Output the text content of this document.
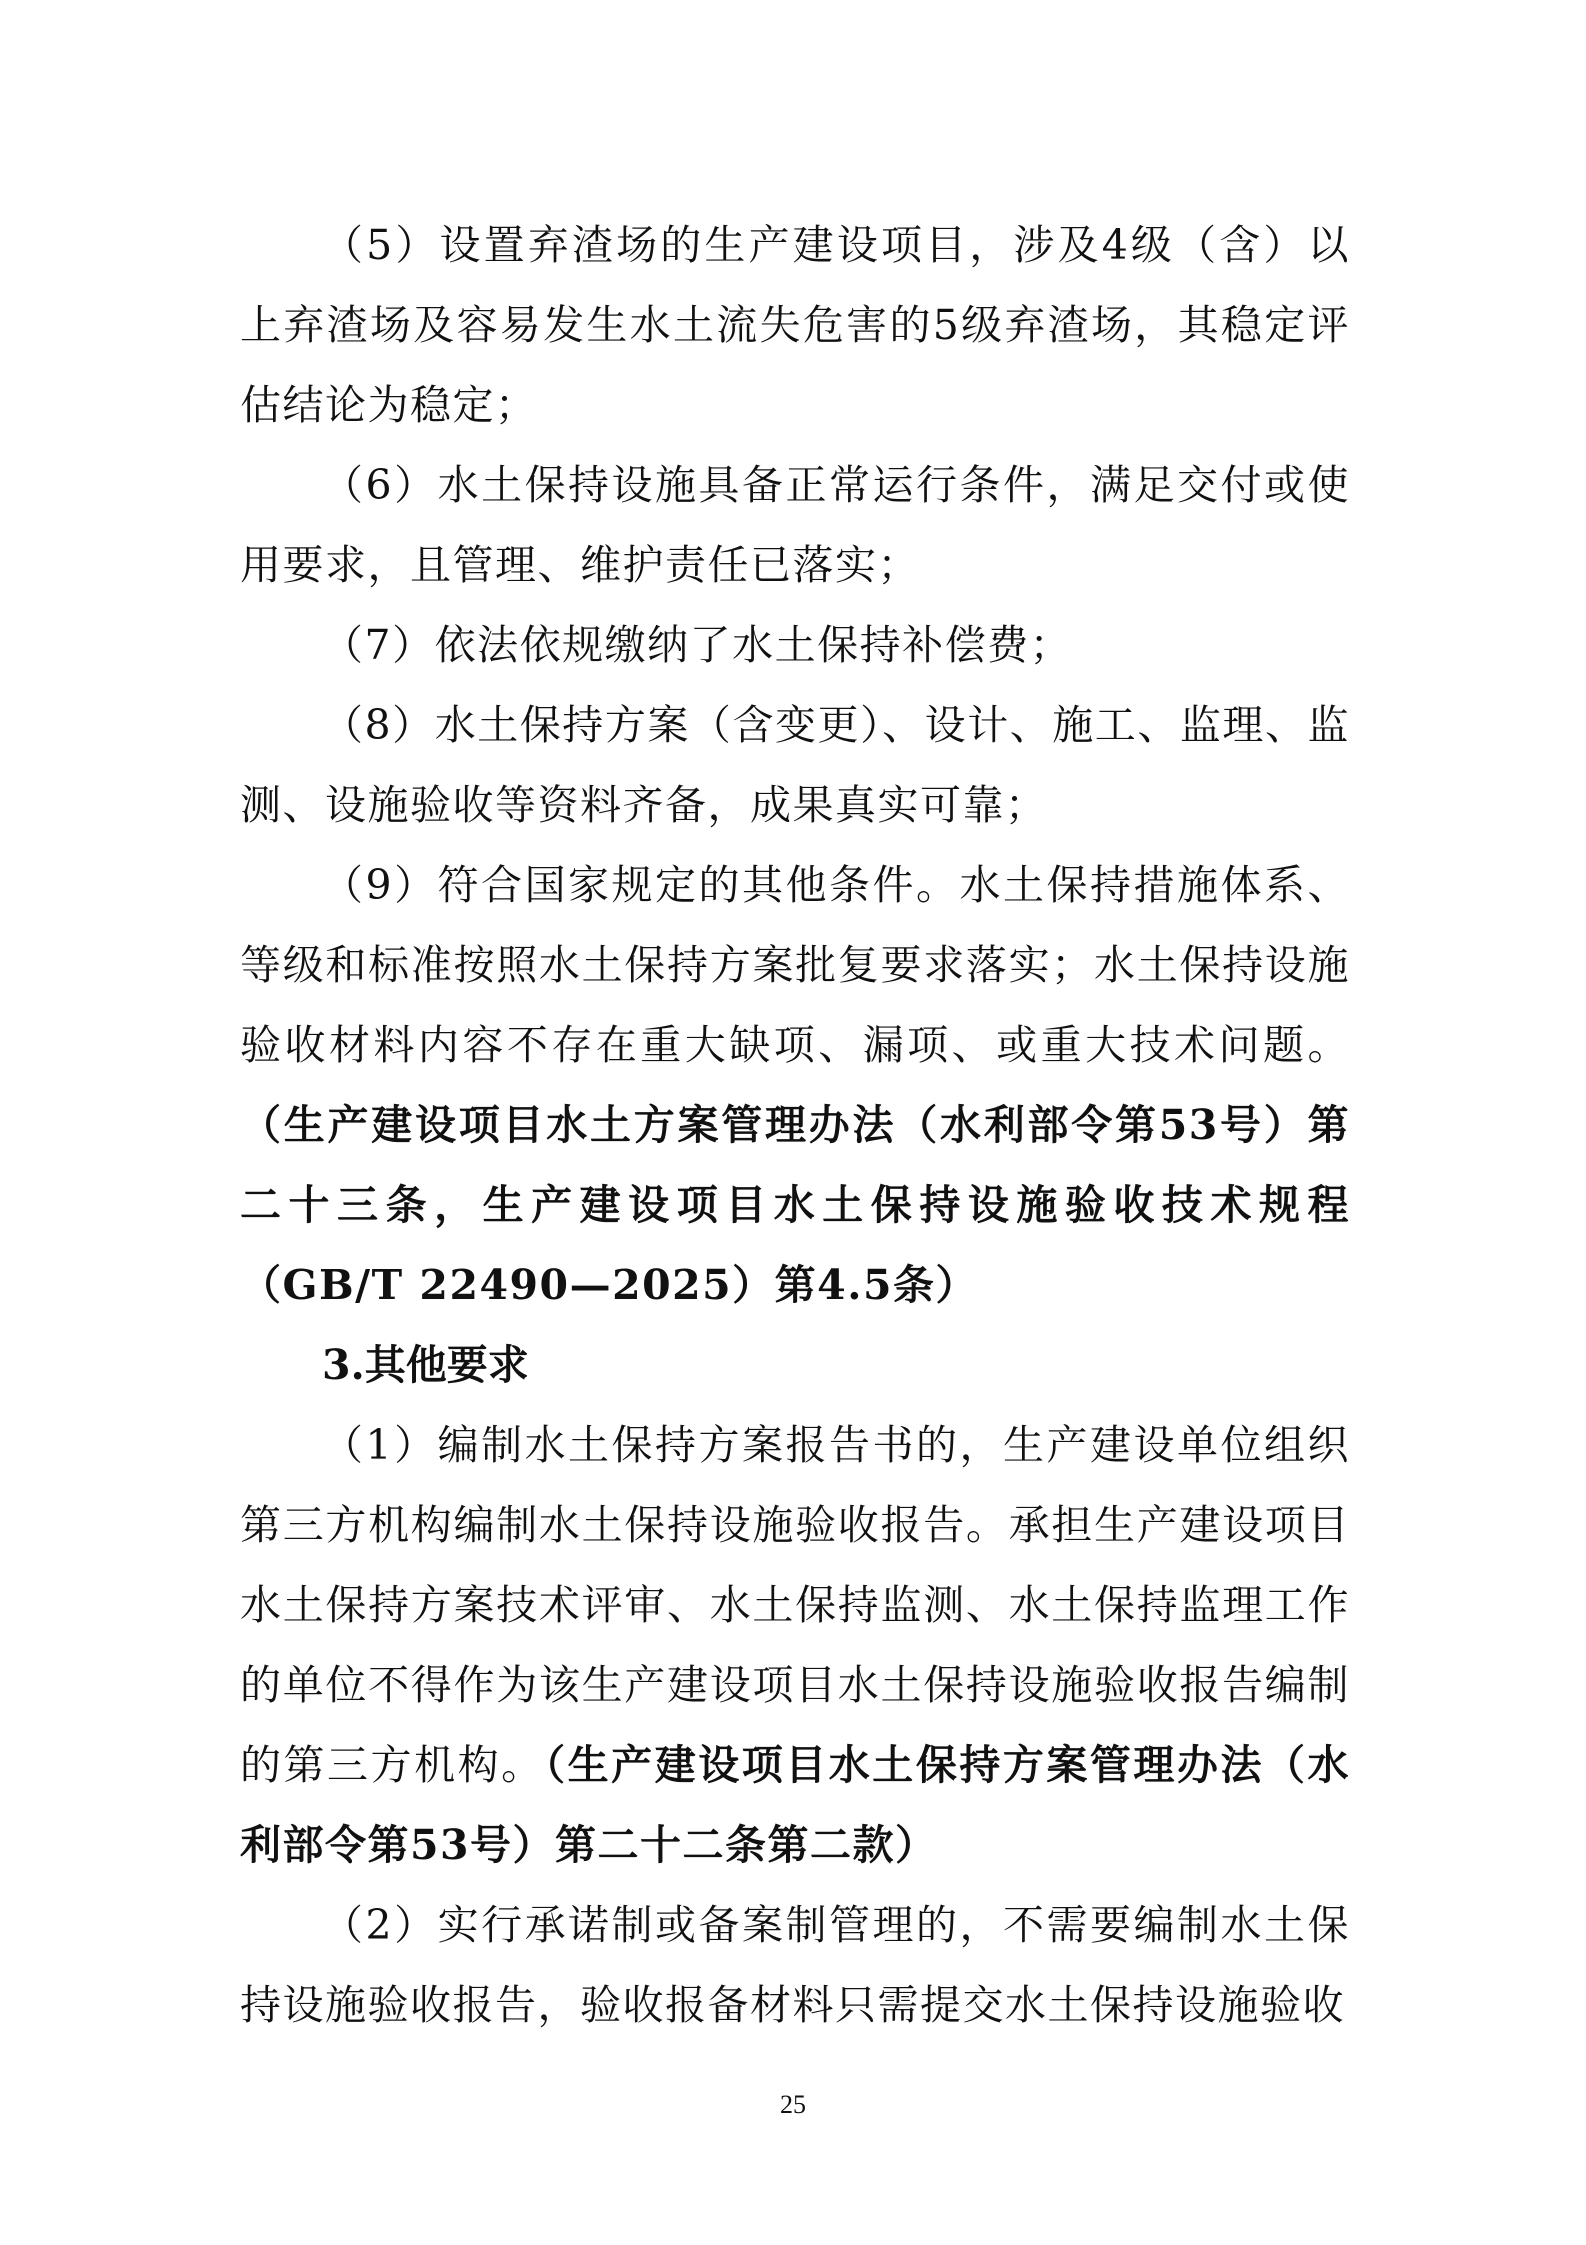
（5）设置弃渣场的生产建设项目，涉及4级（含）以上弃渣场及容易发生水土流失危害的5级弃渣场，其稳定评估结论为稳定；

（6）水土保持设施具备正常运行条件，满足交付或使用要求，且管理、维护责任已落实；

（7）依法依规缴纳了水土保持补偿费；

（8）水土保持方案（含变更）、设计、施工、监理、监测、设施验收等资料齐备，成果真实可靠；

（9）符合国家规定的其他条件。水土保持措施体系、等级和标准按照水土保持方案批复要求落实；水土保持设施验收材料内容不存在重大缺项、漏项、或重大技术问题。（生产建设项目水土方案管理办法（水利部令第53号）第二十三条，生产建设项目水土保持设施验收技术规程（GB/T 22490—2025）第4.5条）

3.其他要求

（1）编制水土保持方案报告书的，生产建设单位组织第三方机构编制水土保持设施验收报告。承担生产建设项目水土保持方案技术评审、水土保持监测、水土保持监理工作的单位不得作为该生产建设项目水土保持设施验收报告编制的第三方机构。（生产建设项目水土保持方案管理办法（水利部令第53号）第二十二条第二款）

（2）实行承诺制或备案制管理的，不需要编制水土保持设施验收报告，验收报备材料只需提交水土保持设施验收

25
